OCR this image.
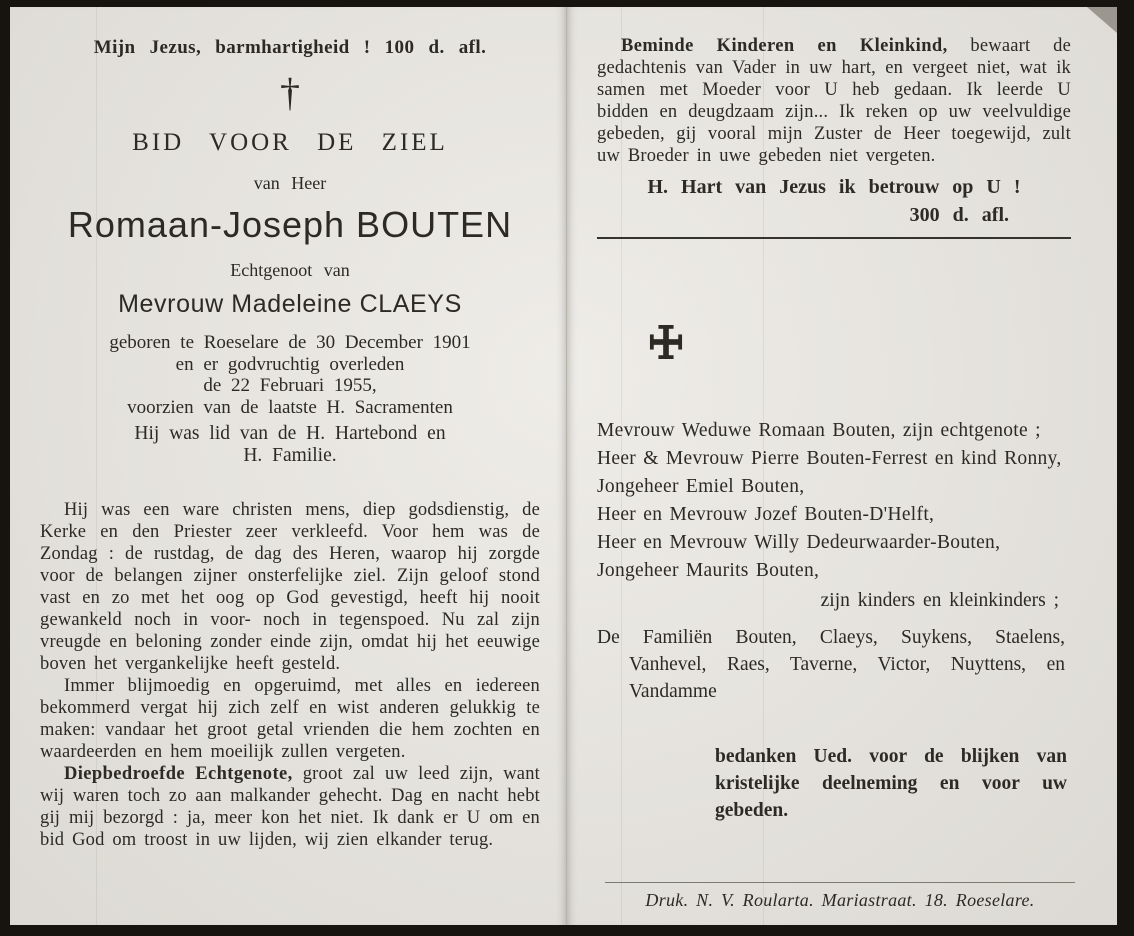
Mijn Jezus, barmhartigheid ! 100 d. afl.

†
BID VOOR DE ZIEL

van Heer

Romaan-Joseph BOUTEN

Echtgenoot van

Mevrouw Madeleine CLAEYS
geboren te Roeselare de 30 December 1901
en er godvruchtig overleden
de 22 Februari 1955,
voorzien van de laatste H. Sacramenten
Hij was lid van de H. Hartebond en
H. Familie.

Hij was een ware christen mens, diep godsdienstig, de Kerke en den Priester zeer verkleefd. Voor hem was de Zondag : de rustdag, de dag des Heren, waarop hij zorgde voor de belangen zijner onsterfelijke ziel. Zijn geloof stond vast en zo met het oog op God gevestigd, heeft hij nooit gewankeld noch in voor- noch in tegenspoed. Nu zal zijn vreugde en beloning zonder einde zijn, omdat hij het eeuwige boven het vergankelijke heeft gesteld.

Immer blijmoedig en opgeruimd, met alles en iedereen bekommerd vergat hij zich zelf en wist anderen gelukkig te maken: vandaar het groot getal vrienden die hem zochten en waardeerden en hem moeilijk zullen vergeten.

Diepbedroefde Echtgenote, groot zal uw leed zijn, want wij waren toch zo aan malkander gehecht. Dag en nacht hebt gij mij bezorgd : ja, meer kon het niet. Ik dank er U om en bid God om troost in uw lijden, wij zien elkander terug.

Beminde Kinderen en Kleinkind, bewaart de gedachtenis van Vader in uw hart, en vergeet niet, wat ik samen met Moeder voor U heb gedaan. Ik leerde U bidden en deugdzaam zijn... Ik reken op uw veelvuldige gebeden, gij vooral mijn Zuster de Heer toegewijd, zult uw Broeder in uwe gebeden niet vergeten.

H. Hart van Jezus ik betrouw op U !

300 d. afl.

Mevrouw Weduwe Romaan Bouten, zijn echtgenote ;
Heer & Mevrouw Pierre Bouten-Ferrest en kind Ronny,
Jongeheer Emiel Bouten,
Heer en Mevrouw Jozef Bouten-D'Helft,
Heer en Mevrouw Willy Dedeurwaarder-Bouten,
Jongeheer Maurits Bouten,

zijn kinders en kleinkinders ;

De Familiën Bouten, Claeys, Suykens, Staelens, Vanhevel, Raes, Taverne, Victor, Nuyttens, en Vandamme

bedanken Ued. voor de blijken van kristelijke deelneming en voor uw gebeden.

Druk. N. V. Roularta. Mariastraat. 18. Roeselare.
